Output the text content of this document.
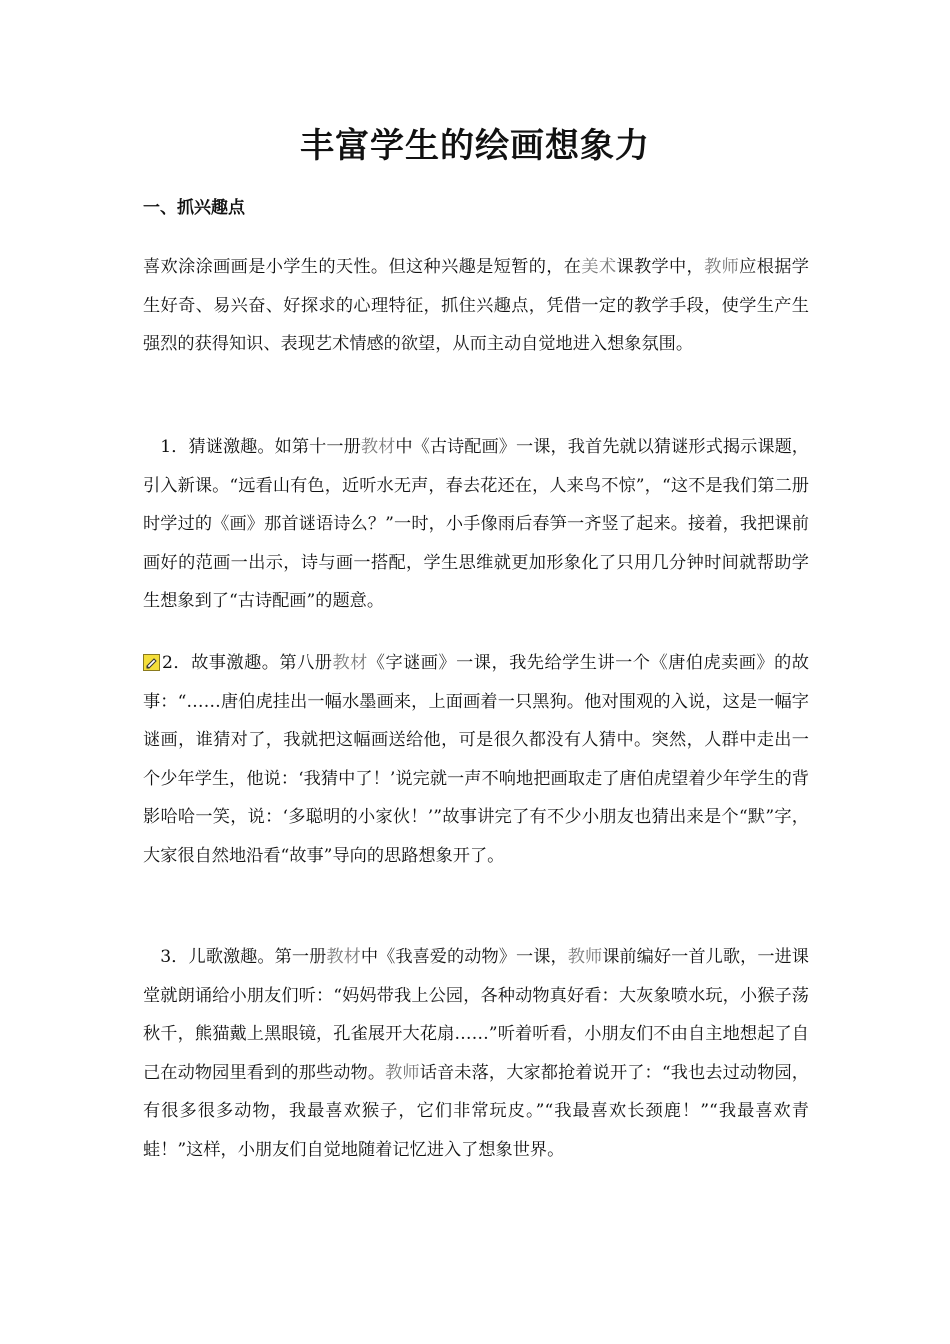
丰富学生的绘画想象力
一、抓兴趣点

喜欢涂涂画画是小学生的天性。但这种兴趣是短暂的，在美术课教学中，教师应根据学生好奇、易兴奋、好探求的心理特征，抓住兴趣点，凭借一定的教学手段，使学生产生强烈的获得知识、表现艺术情感的欲望，从而主动自觉地进入想象氛围。

　1．猜谜激趣。如第十一册教材中《古诗配画》一课，我首先就以猜谜形式揭示课题，引入新课。“远看山有色，近听水无声，春去花还在，人来鸟不惊”，“这不是我们第二册时学过的《画》那首谜语诗么？”一时，小手像雨后春笋一齐竖了起来。接着，我把课前画好的范画一出示，诗与画一搭配，学生思维就更加形象化了只用几分钟时间就帮助学生想象到了“古诗配画”的题意。

2．故事激趣。第八册教材《字谜画》一课，我先给学生讲一个《唐伯虎卖画》的故事：“……唐伯虎挂出一幅水墨画来，上面画着一只黑狗。他对围观的入说，这是一幅字谜画，谁猜对了，我就把这幅画送给他，可是很久都没有人猜中。突然，人群中走出一个少年学生，他说：‘我猜中了！’说完就一声不响地把画取走了唐伯虎望着少年学生的背影哈哈一笑，说：‘多聪明的小家伙！’”故事讲完了有不少小朋友也猜出来是个“默”字，大家很自然地沿看“故事”导向的思路想象开了。

　3．儿歌激趣。第一册教材中《我喜爱的动物》一课，教师课前编好一首儿歌，一进课堂就朗诵给小朋友们听：“妈妈带我上公园，各种动物真好看：大灰象喷水玩，小猴子荡秋千，熊猫戴上黑眼镜，孔雀展开大花扇……”听着听看，小朋友们不由自主地想起了自己在动物园里看到的那些动物。教师话音未落，大家都抢着说开了：“我也去过动物园，有很多很多动物，我最喜欢猴子，它们非常玩皮。”“我最喜欢长颈鹿！”“我最喜欢青蛙！”这样，小朋友们自觉地随着记忆进入了想象世界。
